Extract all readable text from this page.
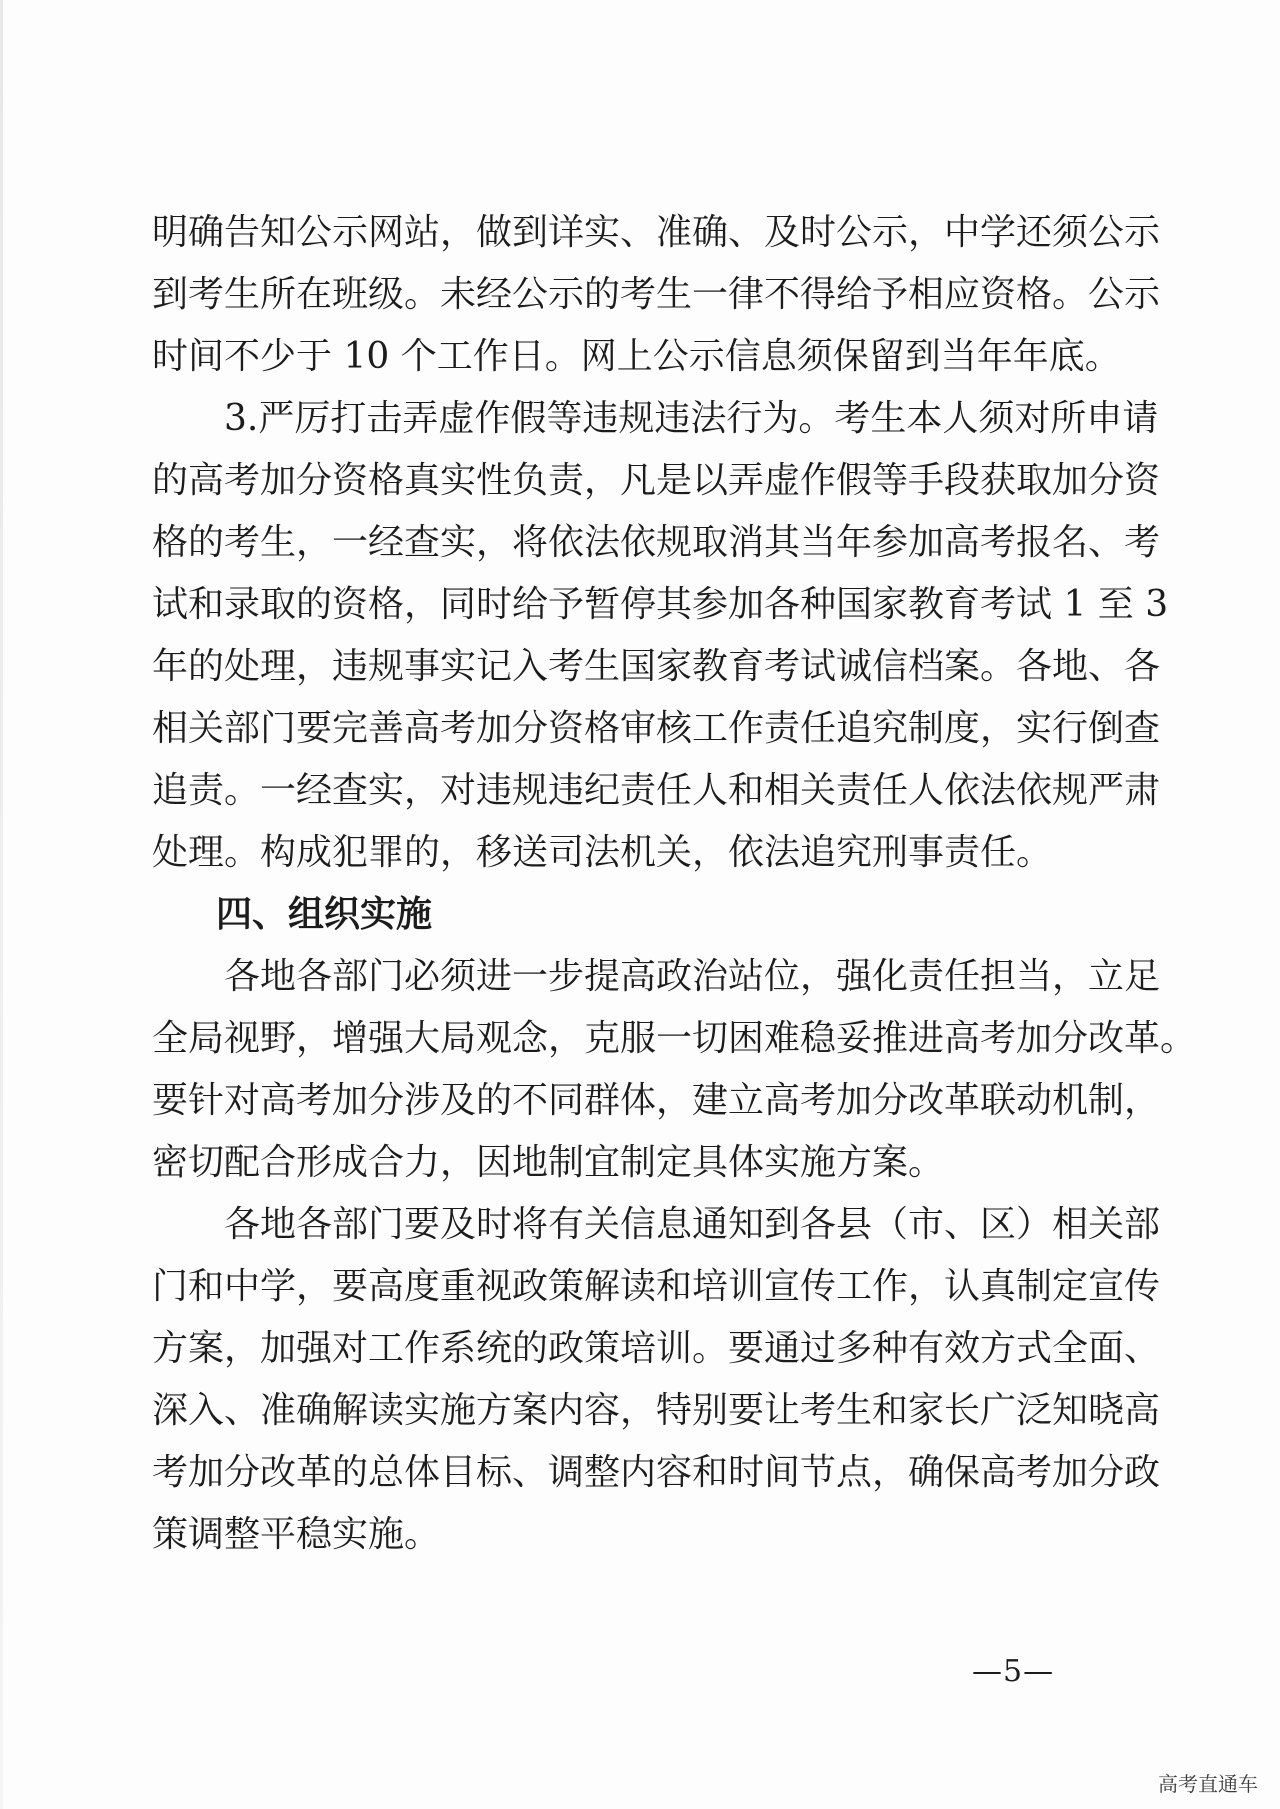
明确告知公示网站，做到详实、准确、及时公示，中学还须公示
到考生所在班级。未经公示的考生一律不得给予相应资格。公示
时间不少于 10 个工作日。网上公示信息须保留到当年年底。
3.严厉打击弄虚作假等违规违法行为。考生本人须对所申请
的高考加分资格真实性负责，凡是以弄虚作假等手段获取加分资
格的考生，一经查实，将依法依规取消其当年参加高考报名、考
试和录取的资格，同时给予暂停其参加各种国家教育考试 1 至 3
年的处理，违规事实记入考生国家教育考试诚信档案。各地、各
相关部门要完善高考加分资格审核工作责任追究制度，实行倒查
追责。一经查实，对违规违纪责任人和相关责任人依法依规严肃
处理。构成犯罪的，移送司法机关，依法追究刑事责任。
四、组织实施
各地各部门必须进一步提高政治站位，强化责任担当，立足
全局视野，增强大局观念，克服一切困难稳妥推进高考加分改革。
要针对高考加分涉及的不同群体，建立高考加分改革联动机制，
密切配合形成合力，因地制宜制定具体实施方案。
各地各部门要及时将有关信息通知到各县（市、区）相关部
门和中学，要高度重视政策解读和培训宣传工作，认真制定宣传
方案，加强对工作系统的政策培训。要通过多种有效方式全面、
深入、准确解读实施方案内容，特别要让考生和家长广泛知晓高
考加分改革的总体目标、调整内容和时间节点，确保高考加分政
策调整平稳实施。
—5—
高考直通车
